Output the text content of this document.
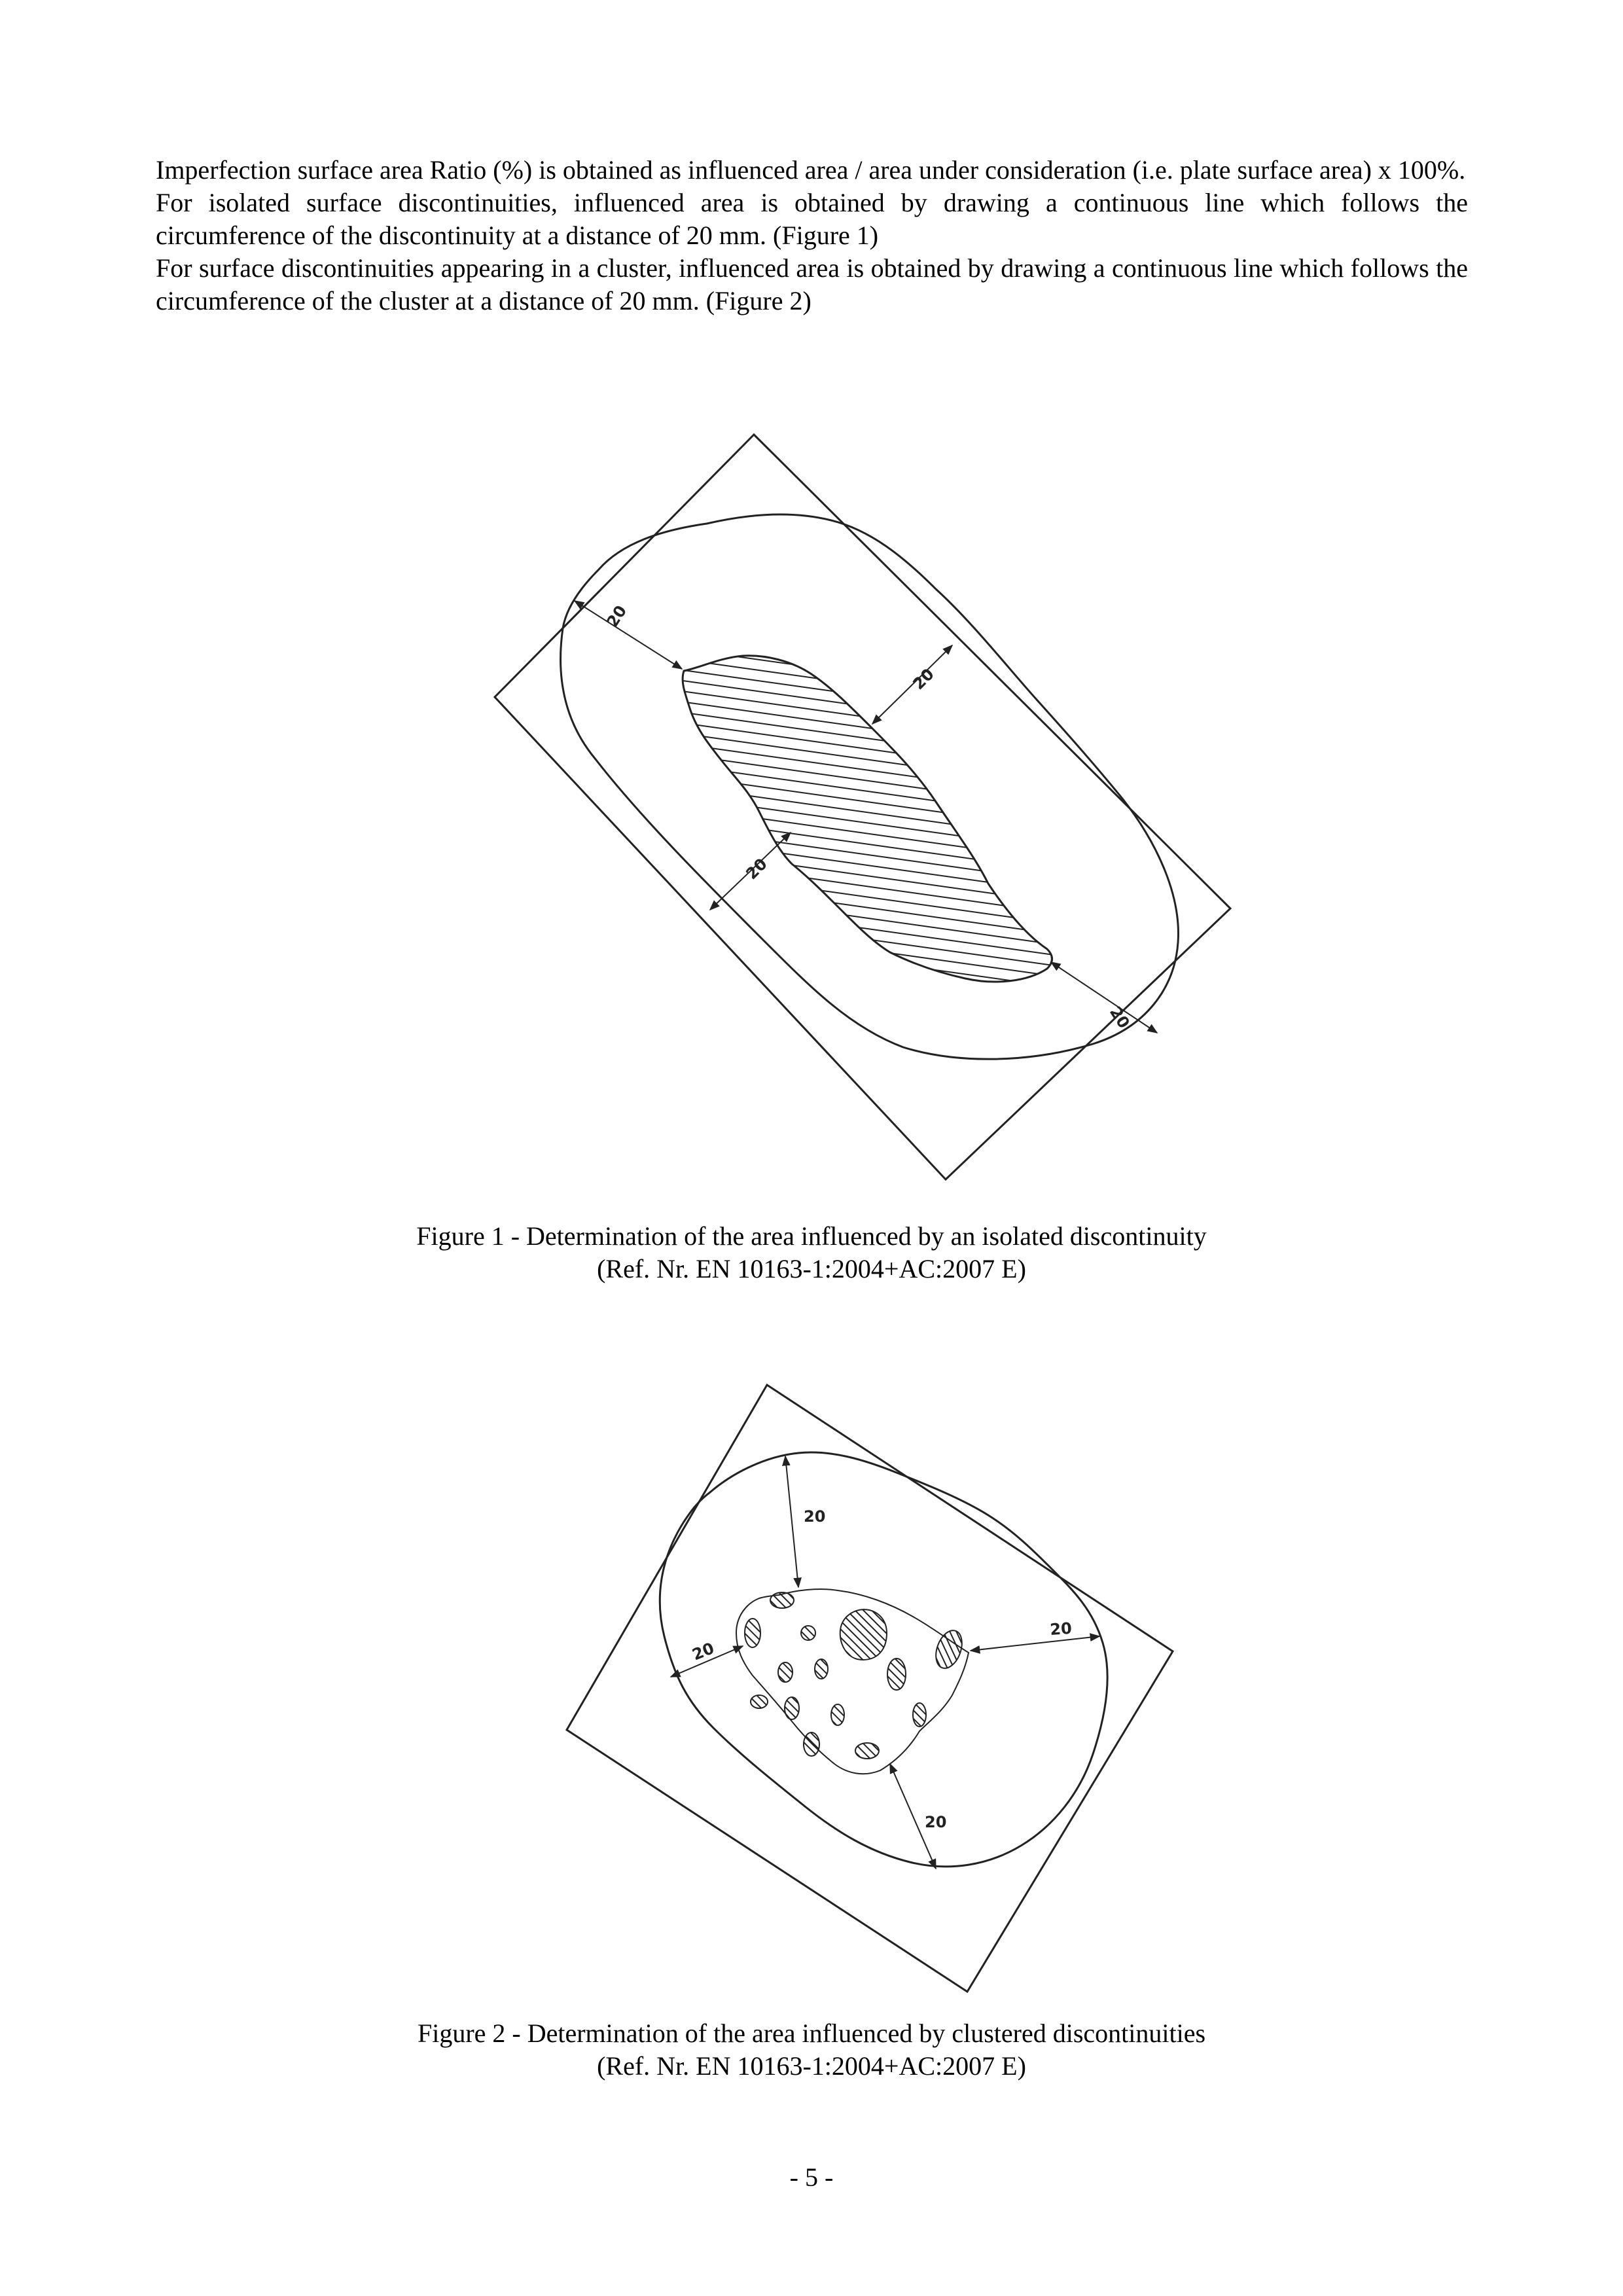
Imperfection surface area Ratio (%) is obtained as influenced area / area under consideration (i.e. plate surface area) x 100%.

For isolated surface discontinuities, influenced area is obtained by drawing a continuous line which follows the circumference of the discontinuity at a distance of 20 mm. (Figure 1)

For surface discontinuities appearing in a cluster, influenced area is obtained by drawing a continuous line which follows the circumference of the cluster at a distance of 20 mm. (Figure 2)

20
20
20
20
Figure 1 - Determination of the area influenced by an isolated discontinuity
(Ref. Nr. EN 10163-1:2004+AC:2007 E)
20
20
20
20
Figure 2 - Determination of the area influenced by clustered discontinuities
(Ref. Nr. EN 10163-1:2004+AC:2007 E)
- 5 -
